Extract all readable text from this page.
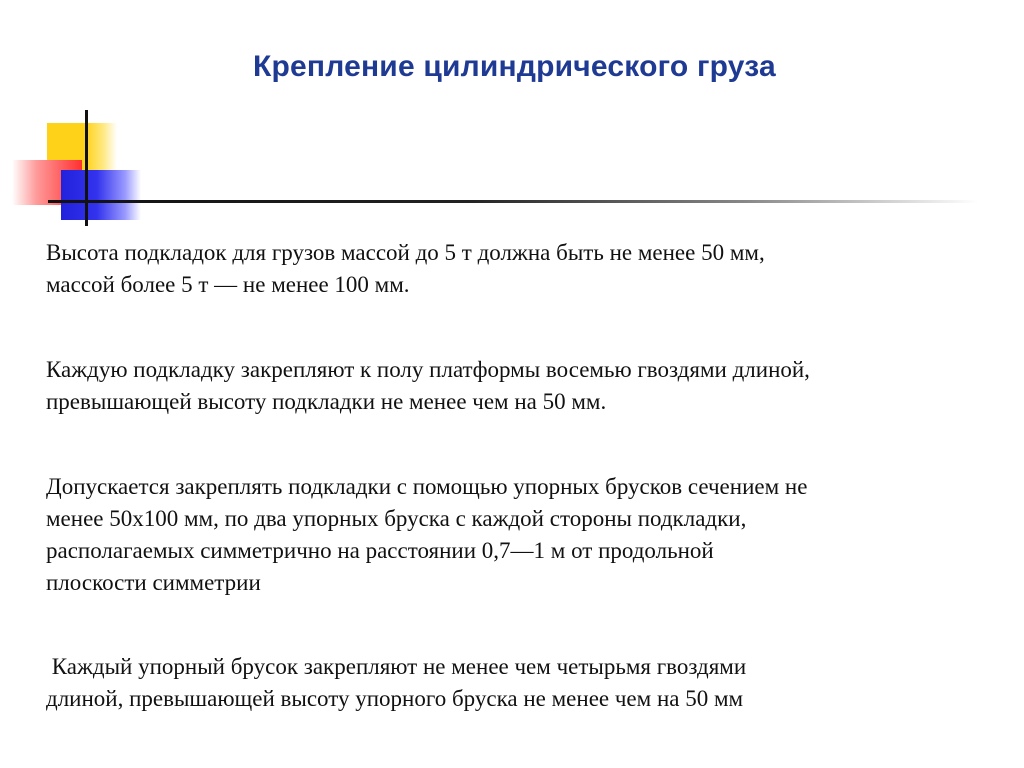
Крепление цилиндрического груза

Высота подкладок для грузов массой до 5 т должна быть не менее 50 мм,
массой более 5 т — не менее 100 мм.

Каждую подкладку закрепляют к полу платформы восемью гвоздями длиной,
превышающей высоту подкладки не менее чем на 50 мм.

Допускается закреплять подкладки с помощью упорных брусков сечением не
менее 50х100 мм, по два упорных бруска с каждой стороны подкладки,
располагаемых симметрично на расстоянии 0,7—1 м от продольной
плоскости симметрии

Каждый упорный брусок закрепляют не менее чем четырьмя гвоздями
длиной, превышающей высоту упорного бруска не менее чем на 50 мм
